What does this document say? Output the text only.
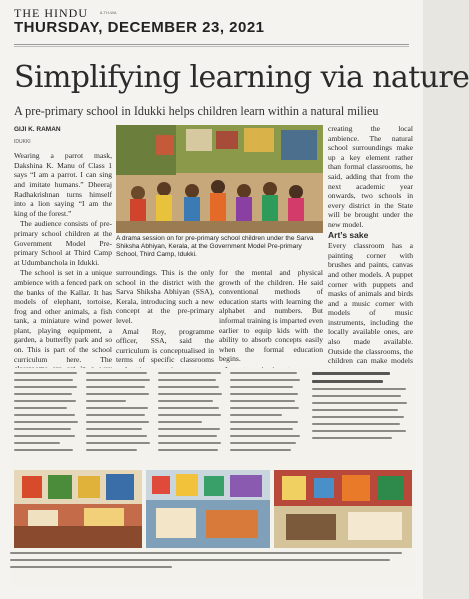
THE HINDU	8-TH-WA
THURSDAY, DECEMBER 23, 2021
Simplifying learning via nature
A pre-primary school in Idukki helps children learn within a natural milieu

GIJI K. RAMAN

IDUKKI

Wearing a parrot mask, Dakshina K. Manu of Class 1 says “I am a parrot. I can sing and imitate humans.” Dheeraj Radhakrishnan turns himself into a lion saying “I am the king of the forest.”

The audience consists of pre-primary school children at the Government Model Pre-primary School at Third Camp at Udumbanchola in Idukki.

The school is set in a unique ambience with a fenced park on the banks of the Kallar. It has models of elephant, tortoise, frog and other animals, a fish tank, a miniature wind power plant, playing equipment, a garden, a butterfly park and so on. This is part of the school curriculum here. The

A drama session on for pre-primary school children under the Sarva Shiksha Abhiyan, Kerala, at the Government Model Pre-primary School, Third Camp, Idukki.

surroundings. This is the only school in the district with the Sarva Shiksha Abhiyan (SSA), Kerala, introducing such a new concept at the pre-primary level.

Amal Roy, programme officer, SSA, said the curriculum is conceptualised in terms of specific classrooms

for the mental and physical growth of the children. He said conventional methods of education starts with learning the alphabet and numbers. But informal training is imparted even earlier to equip kids with the ability to absorb concepts easily when the formal education begins.

creating the local ambience. The natural school surroundings make up a key element rather than formal classrooms, he said, adding that from the next academic year onwards, two schools in every district in the State will be brought under the new model.

Art’s sake

Every classroom has a painting corner with brushes and paints, canvas and other models. A puppet corner with puppets and masks of animals and birds and a music corner with models of music instruments, including the locally available ones, are also made available. Outside the classrooms, the children can make models
